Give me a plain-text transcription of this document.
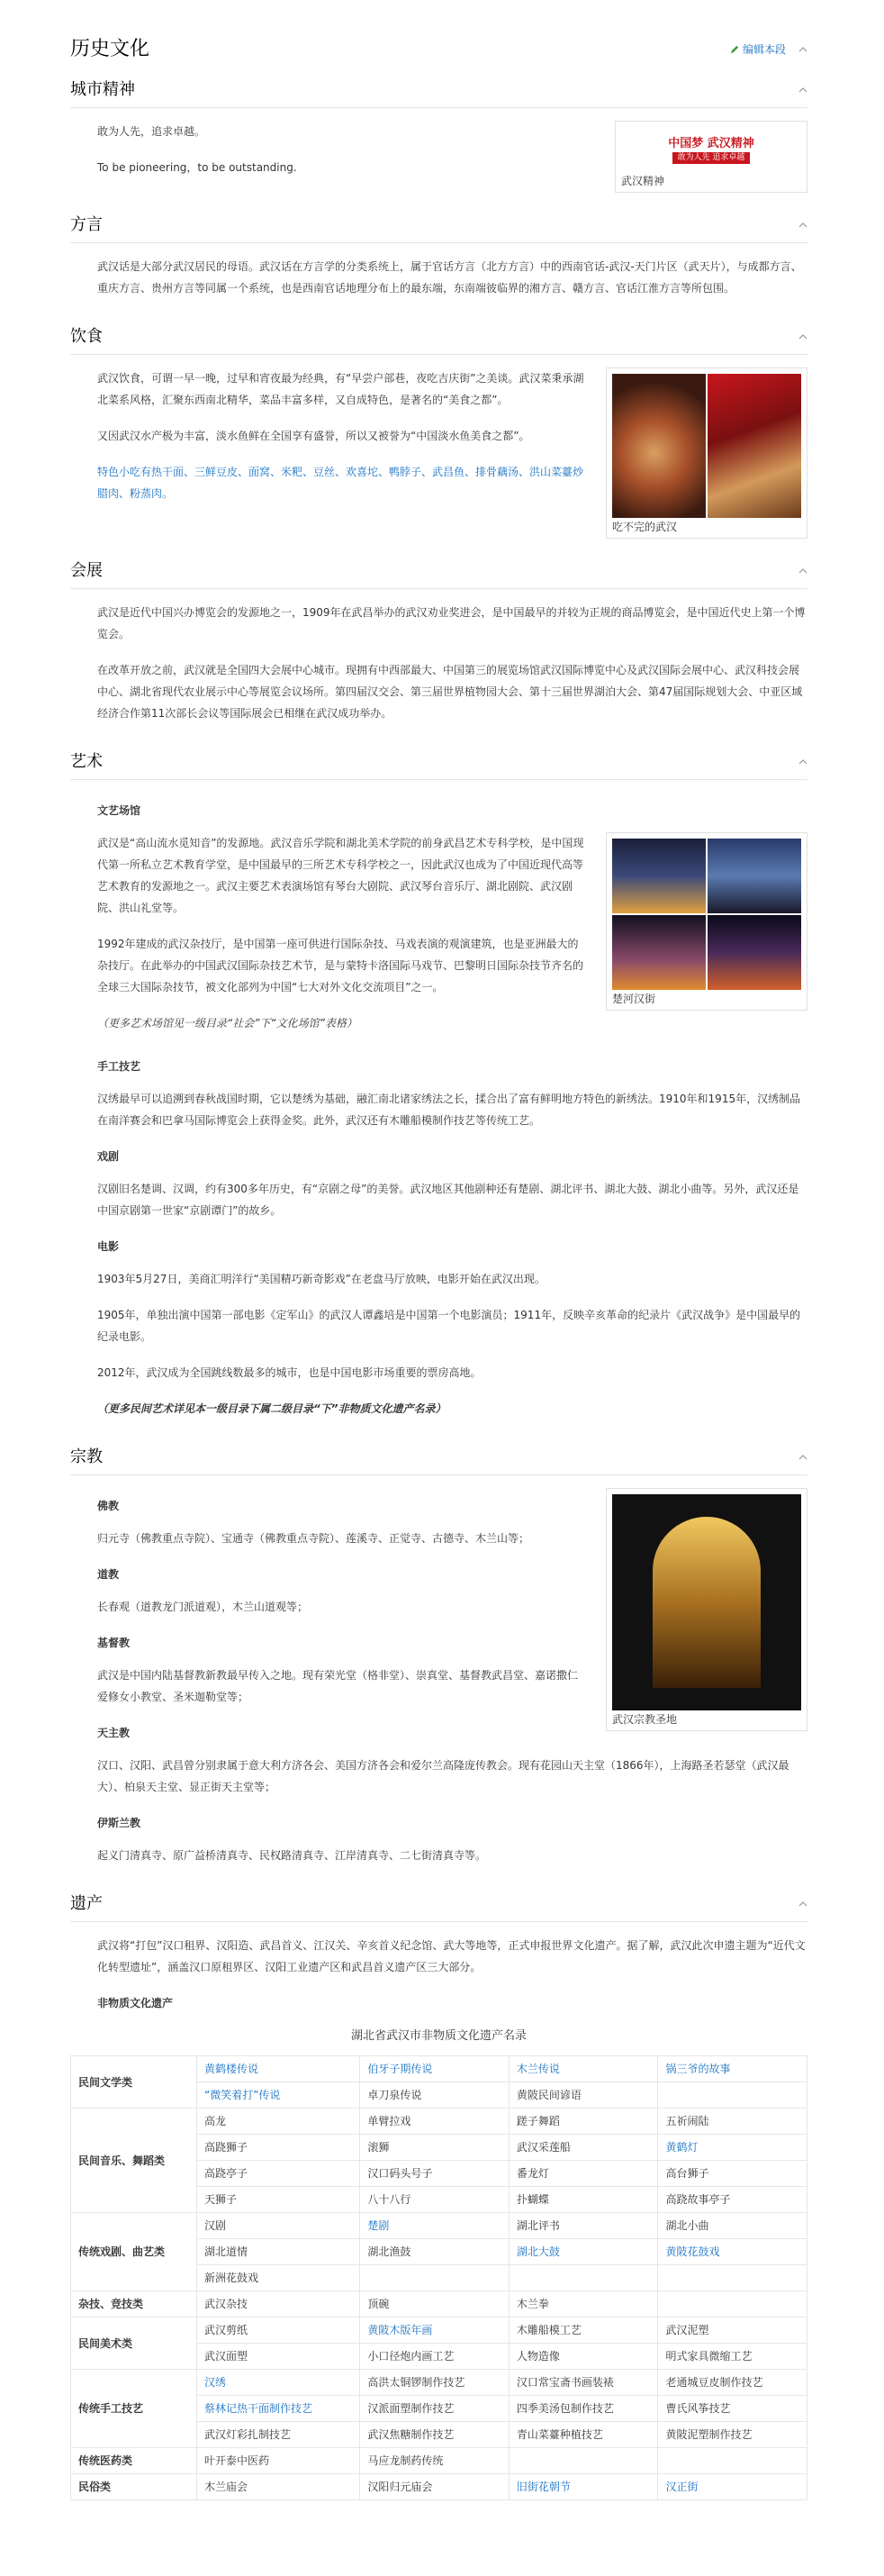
历史文化	编辑本段
城市精神
中国梦 武汉精神
敢为人先 追求卓越
武汉精神

敢为人先，追求卓越。

To be pioneering，to be outstanding.

方言

武汉话是大部分武汉居民的母语。武汉话在方言学的分类系统上，属于官话方言（北方方言）中的西南官话-武汉-天门片区（武天片），与成都方言、重庆方言、贵州方言等同属一个系统，也是西南官话地理分布上的最东端，东南端彼临界的湘方言、赣方言、官话江淮方言等所包围。

饮食
吃不完的武汉

武汉饮食，可谓一早一晚，过早和宵夜最为经典，有“早尝户部巷，夜吃吉庆街”之美谈。武汉菜秉承湖北菜系风格，汇聚东西南北精华，菜品丰富多样，又自成特色，是著名的“美食之都”。

又因武汉水产极为丰富，淡水鱼鲜在全国享有盛誉，所以又被誉为“中国淡水鱼美食之都”。

特色小吃有热干面、三鲜豆皮、面窝、米粑、豆丝、欢喜坨、鸭脖子、武昌鱼、排骨藕汤、洪山菜薹炒腊肉、粉蒸肉。

会展

武汉是近代中国兴办博览会的发源地之一，1909年在武昌举办的武汉劝业奖进会，是中国最早的并较为正规的商品博览会，是中国近代史上第一个博览会。

在改革开放之前，武汉就是全国四大会展中心城市。现拥有中西部最大、中国第三的展览场馆武汉国际博览中心及武汉国际会展中心、武汉科技会展中心、湖北省现代农业展示中心等展览会议场所。第四届汉交会、第三届世界植物园大会、第十三届世界湖泊大会、第47届国际规划大会、中亚区域经济合作第11次部长会议等国际展会已相继在武汉成功举办。

艺术
文艺场馆
楚河汉街

武汉是“高山流水觅知音”的发源地。武汉音乐学院和湖北美术学院的前身武昌艺术专科学校，是中国现代第一所私立艺术教育学堂，是中国最早的三所艺术专科学校之一，因此武汉也成为了中国近现代高等艺术教育的发源地之一。武汉主要艺术表演场馆有琴台大剧院、武汉琴台音乐厅、湖北剧院、武汉剧院、洪山礼堂等。

1992年建成的武汉杂技厅，是中国第一座可供进行国际杂技、马戏表演的观演建筑，也是亚洲最大的杂技厅。在此举办的中国武汉国际杂技艺术节，是与蒙特卡洛国际马戏节、巴黎明日国际杂技节齐名的全球三大国际杂技节，被文化部列为中国“七大对外文化交流项目”之一。

（更多艺术场馆见一级目录“社会”下“文化场馆”表格）

手工技艺

汉绣最早可以追溯到春秋战国时期，它以楚绣为基础，融汇南北诸家绣法之长，揉合出了富有鲜明地方特色的新绣法。1910年和1915年，汉绣制品在南洋赛会和巴拿马国际博览会上获得金奖。此外，武汉还有木雕船模制作技艺等传统工艺。

戏剧

汉剧旧名楚调、汉调，约有300多年历史，有“京剧之母”的美誉。武汉地区其他剧种还有楚剧、湖北评书、湖北大鼓、湖北小曲等。另外，武汉还是中国京剧第一世家“京剧谭门”的故乡。

电影

1903年5月27日，美商汇明洋行“美国精巧新奇影戏”在老盘马厅放映，电影开始在武汉出现。

1905年，单独出演中国第一部电影《定军山》的武汉人谭鑫培是中国第一个电影演员；1911年，反映辛亥革命的纪录片《武汉战争》是中国最早的纪录电影。

2012年，武汉成为全国跳线数最多的城市，也是中国电影市场重要的票房高地。

（更多民间艺术详见本一级目录下属二级目录“下”非物质文化遗产名录）

宗教
武汉宗教圣地
佛教

归元寺（佛教重点寺院）、宝通寺（佛教重点寺院）、莲溪寺、正觉寺、古德寺、木兰山等；

道教

长春观（道教龙门派道观），木兰山道观等；

基督教

武汉是中国内陆基督教新教最早传入之地。现有荣光堂（格非堂）、崇真堂、基督教武昌堂、嘉诺撒仁爱修女小教堂、圣米迦勒堂等；

天主教

汉口、汉阳、武昌曾分别隶属于意大利方济各会、美国方济各会和爱尔兰高隆庞传教会。现有花园山天主堂（1866年），上海路圣若瑟堂（武汉最大）、柏泉天主堂、显正街天主堂等；

伊斯兰教

起义门清真寺、原广益桥清真寺、民权路清真寺、江岸清真寺、二七街清真寺等。

遗产

武汉将“打包”汉口租界、汉阳造、武昌首义、江汉关、辛亥首义纪念馆、武大等地等，正式申报世界文化遗产。据了解，武汉此次申遗主题为“近代文化转型遗址”，涵盖汉口原租界区、汉阳工业遗产区和武昌首义遗产区三大部分。

非物质文化遗产
湖北省武汉市非物质文化遗产名录
民间文学类	黄鹤楼传说	伯牙子期传说	木兰传说	锅三爷的故事
	“微笑着打”传说	卓刀泉传说	黄陂民间谚语	
民间音乐、舞蹈类	高龙	单臂拉戏	蹉子舞蹈	五祈闹陆
	高跷狮子	滚狮	武汉采莲船	黄鹤灯
	高跷亭子	汉口码头号子	番龙灯	高台狮子
	天狮子	八十八行	扑蝴蝶	高跷故事亭子
传统戏剧、曲艺类	汉剧	楚剧	湖北评书	湖北小曲
	湖北道情	湖北渔鼓	湖北大鼓	黄陂花鼓戏
	新洲花鼓戏			
杂技、竞技类	武汉杂技	顶碗	木兰拳	
民间美术类	武汉剪纸	黄陂木版年画	木雕船模工艺	武汉泥塑
	武汉面塑	小口径炮内画工艺	人物造像	明式家具微缩工艺
传统手工技艺	汉绣	高洪太铜锣制作技艺	汉口常宝斋书画装裱	老通城豆皮制作技艺
	蔡林记热干面制作技艺	汉派面塑制作技艺	四季美汤包制作技艺	曹氏风筝技艺
	武汉灯彩扎制技艺	武汉焦糖制作技艺	青山菜薹种植技艺	黄陂泥塑制作技艺
传统医药类	叶开泰中医药	马应龙制药传统		
民俗类	木兰庙会	汉阳归元庙会	旧街花朝节	汉正街
